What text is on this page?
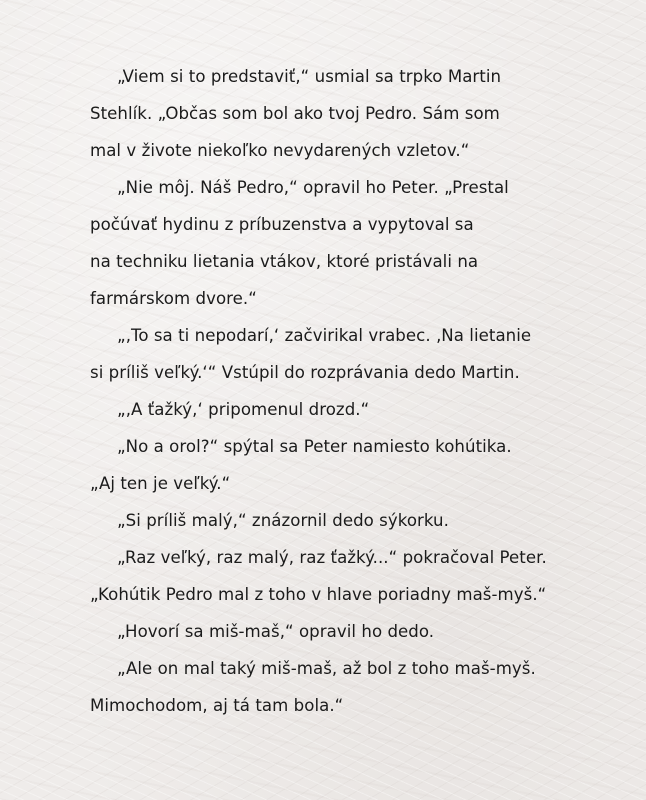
„Viem si to predstaviť,“ usmial sa trpko Martin
Stehlík. „Občas som bol ako tvoj Pedro. Sám som
mal v živote niekoľko nevydarených vzletov.“
„Nie môj. Náš Pedro,“ opravil ho Peter. „Prestal
počúvať hydinu z príbuzenstva a vypytoval sa
na techniku lietania vtákov, ktoré pristávali na
farmárskom dvore.“
„‚To sa ti nepodarí,‘ začvirikal vrabec. ‚Na lietanie
si príliš veľký.‘“ Vstúpil do rozprávania dedo Martin.
„‚A ťažký,‘ pripomenul drozd.“
„No a orol?“ spýtal sa Peter namiesto kohútika.
„Aj ten je veľký.“
„Si príliš malý,“ znázornil dedo sýkorku.
„Raz veľký, raz malý, raz ťažký...“ pokračoval Peter.
„Kohútik Pedro mal z toho v hlave poriadny maš-myš.“
„Hovorí sa miš-maš,“ opravil ho dedo.
„Ale on mal taký miš-maš, až bol z toho maš-myš.
Mimochodom, aj tá tam bola.“
